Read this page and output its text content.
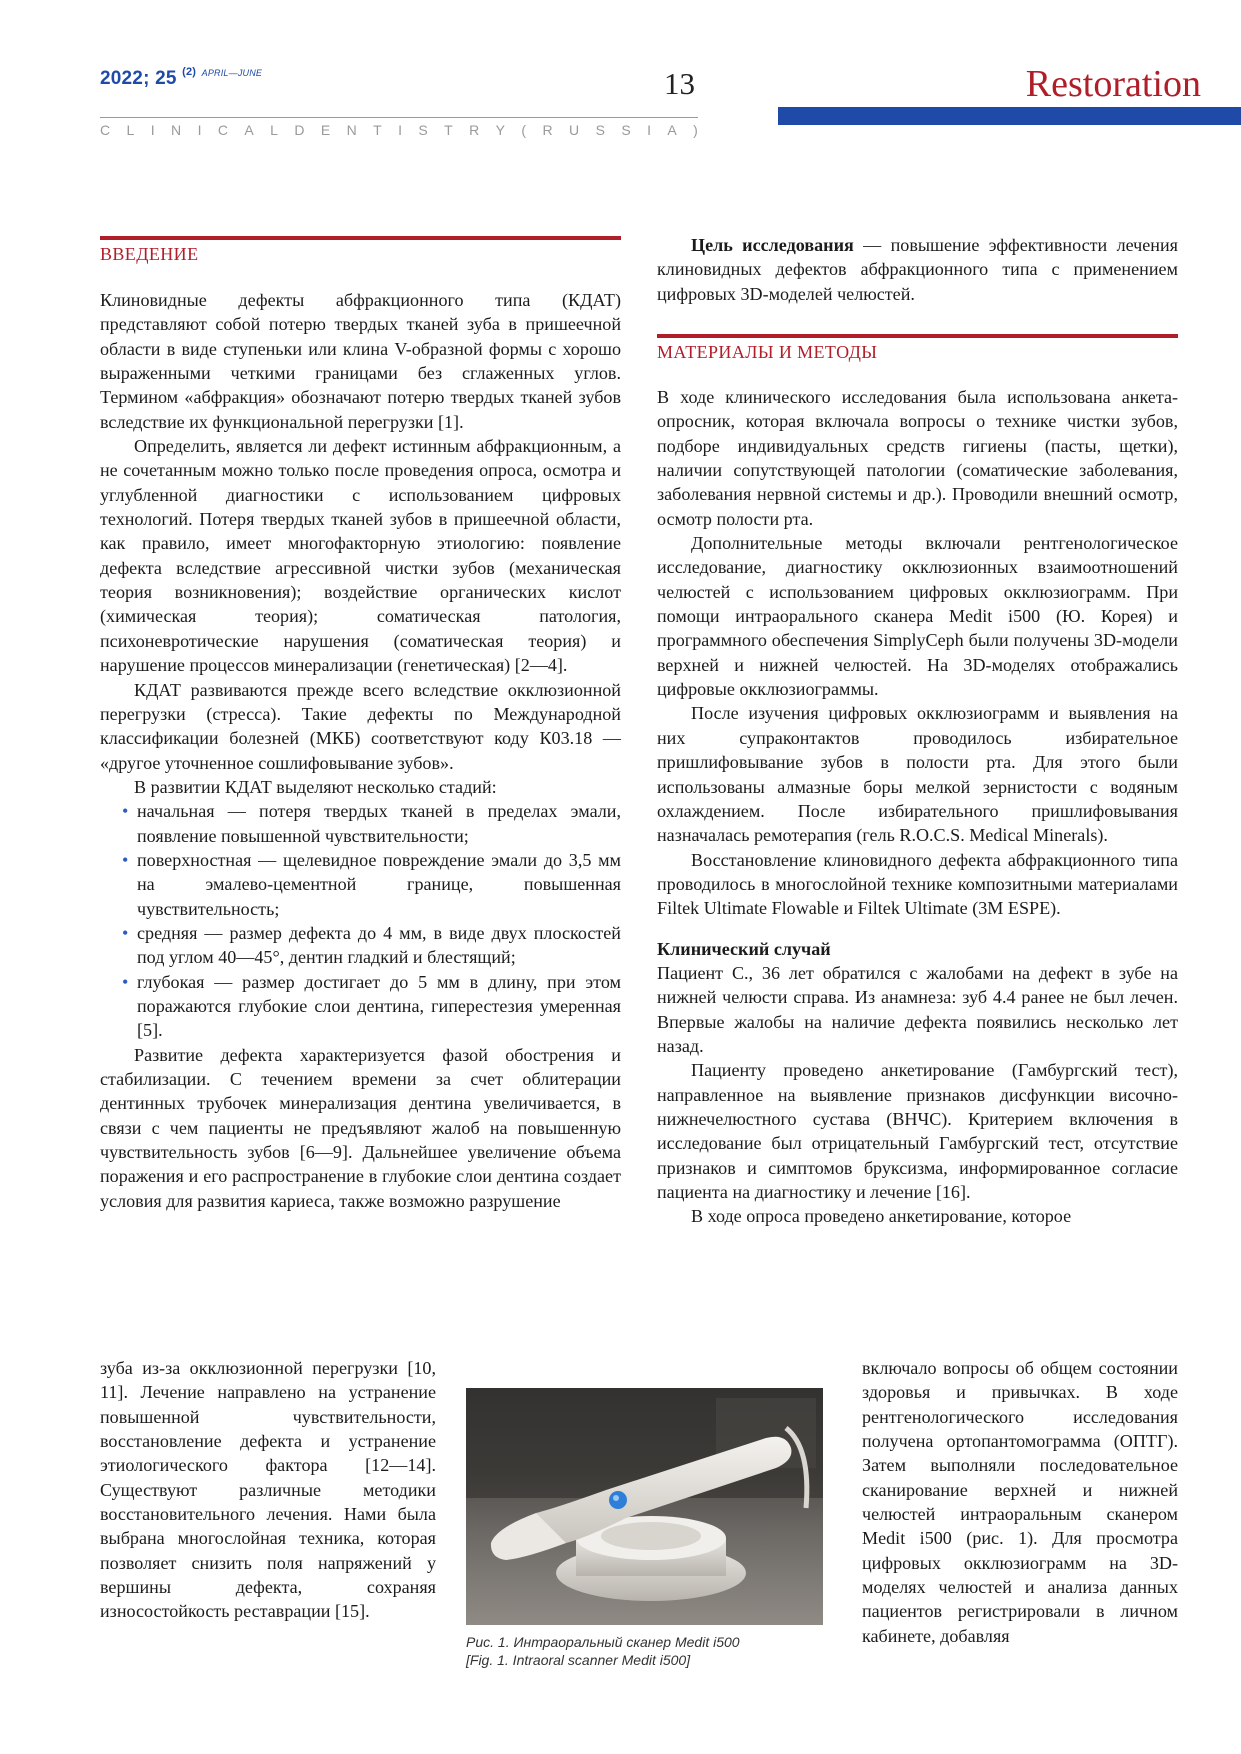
2022; 25 $^{(2)}$ $^{APRIL—JUNE}$	13
C L I N I C A L D E N T I S T R Y ( R U S S I A )
Restoration
ВВЕДЕНИЕ

Клиновидные дефекты абфракционного типа (КДАТ) представляют собой потерю твердых тканей зуба в пришеечной области в виде ступеньки или клина V-образной формы с хорошо выраженными четкими границами без сглаженных углов. Термином «абфракция» обозначают потерю твердых тканей зубов вследствие их функциональной перегрузки [1].

Определить, является ли дефект истинным абфракционным, а не сочетанным можно только после проведения опроса, осмотра и углубленной диагностики с использованием цифровых технологий. Потеря твердых тканей зубов в пришеечной области, как правило, имеет многофакторную этиологию: появление дефекта вследствие агрессивной чистки зубов (механическая теория возникновения); воздействие органических кислот (химическая теория); соматическая патология, психоневротические нарушения (соматическая теория) и нарушение процессов минерализации (генетическая) [2—4].

КДАТ развиваются прежде всего вследствие окклюзионной перегрузки (стресса). Такие дефекты по Международной классификации болезней (МКБ) соответствуют коду К03.18 — «другое уточненное сошлифовывание зубов».

В развитии КДАТ выделяют несколько стадий:

• начальная — потеря твердых тканей в пределах эмали, появление повышенной чувствительности;
• поверхностная — щелевидное повреждение эмали до 3,5 мм на эмалево-цементной границе, повышенная чувствительность;
• средняя — размер дефекта до 4 мм, в виде двух плоскостей под углом 40—45°, дентин гладкий и блестящий;
• глубокая — размер достигает до 5 мм в длину, при этом поражаются глубокие слои дентина, гиперестезия умеренная [5].

Развитие дефекта характеризуется фазой обострения и стабилизации. С течением времени за счет облитерации дентинных трубочек минерализация дентина увеличивается, в связи с чем пациенты не предъявляют жалоб на повышенную чувствительность зубов [6—9]. Дальнейшее увеличение объема поражения и его распространение в глубокие слои дентина создает условия для развития кариеса, также возможно разрушение

зуба из-за окклюзионной перегрузки [10, 11]. Лечение направлено на устранение повышенной чувствительности, восстановление дефекта и устранение этиологического фактора [12—14]. Существуют различные методики восстановительного лечения. Нами была выбрана многослойная техника, которая позволяет снизить поля напряжений у вершины дефекта, сохраняя износостойкость реставрации [15].

Цель исследования — повышение эффективности лечения клиновидных дефектов абфракционного типа с применением цифровых 3D-моделей челюстей.

МАТЕРИАЛЫ И МЕТОДЫ

В ходе клинического исследования была использована анкета-опросник, которая включала вопросы о технике чистки зубов, подборе индивидуальных средств гигиены (пасты, щетки), наличии сопутствующей патологии (соматические заболевания, заболевания нервной системы и др.). Проводили внешний осмотр, осмотр полости рта.

Дополнительные методы включали рентгенологическое исследование, диагностику окклюзионных взаимоотношений челюстей с использованием цифровых окклюзиограмм. При помощи интраорального сканера Medit i500 (Ю. Корея) и программного обеспечения SimplyCeph были получены 3D-модели верхней и нижней челюстей. На 3D-моделях отображались цифровые окклюзиограммы.

После изучения цифровых окклюзиограмм и выявления на них супраконтактов проводилось избирательное пришлифовывание зубов в полости рта. Для этого были использованы алмазные боры мелкой зернистости с водяным охлаждением. После избирательного пришлифовывания назначалась ремотерапия (гель R.O.C.S. Medical Minerals).

Восстановление клиновидного дефекта абфракционного типа проводилось в многослойной технике композитными материалами Filtek Ultimate Flowable и Filtek Ultimate (3M ESPE).

Клинический случай

Пациент С., 36 лет обратился с жалобами на дефект в зубе на нижней челюсти справа. Из анамнеза: зуб 4.4 ранее не был лечен. Впервые жалобы на наличие дефекта появились несколько лет назад.

Пациенту проведено анкетирование (Гамбургский тест), направленное на выявление признаков дисфункции височно-нижнечелюстного сустава (ВНЧС). Критерием включения в исследование был отрицательный Гамбургский тест, отсутствие признаков и симптомов бруксизма, информированное согласие пациента на диагностику и лечение [16].

В ходе опроса проведено анкетирование, которое

включало вопросы об общем состоянии здоровья и привычках. В ходе рентгенологического исследования получена ортопантомограмма (ОПТГ). Затем выполняли последовательное сканирование верхней и нижней челюстей интраоральным сканером Medit i500 (рис. 1). Для просмотра цифровых окклюзиограмм на 3D-моделях челюстей и анализа данных пациентов регистрировали в личном кабинете, добавляя

Рис. 1. Интраоральный сканер Medit i500
[Fig. 1. Intraoral scanner Medit i500]
